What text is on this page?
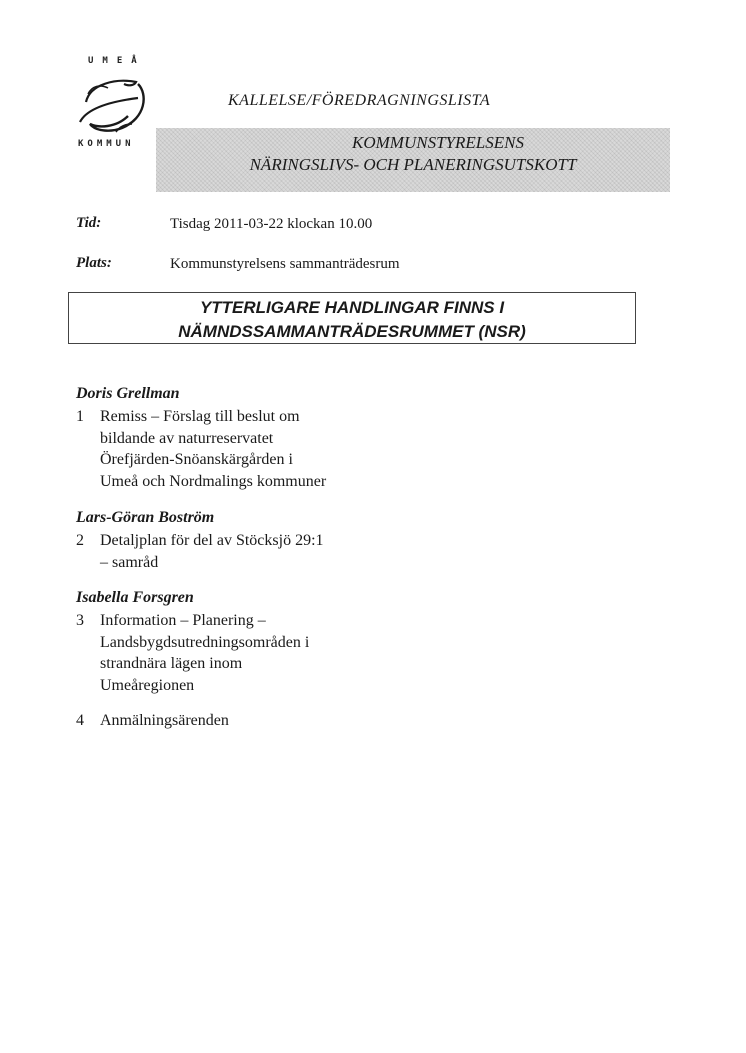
UMEÅ
KOMMUN
KALLELSE/FÖREDRAGNINGSLISTA
KOMMUNSTYRELSENS
NÄRINGSLIVS- OCH PLANERINGSUTSKOTT
Tid:	Tisdag 2011-03-22 klockan 10.00
Plats:	Kommunstyrelsens sammanträdesrum
YTTERLIGARE HANDLINGAR FINNS I
NÄMNDSSAMMANTRÄDESRUMMET (NSR)
Doris Grellman
1	Remiss – Förslag till beslut om
bildande av naturreservatet
Örefjärden-Snöanskärgården i
Umeå och Nordmalings kommuner
Lars-Göran Boström
2	Detaljplan för del av Stöcksjö 29:1
– samråd
Isabella Forsgren
3	Information – Planering –
Landsbygdsutredningsområden i
strandnära lägen inom
Umeåregionen
4	Anmälningsärenden
